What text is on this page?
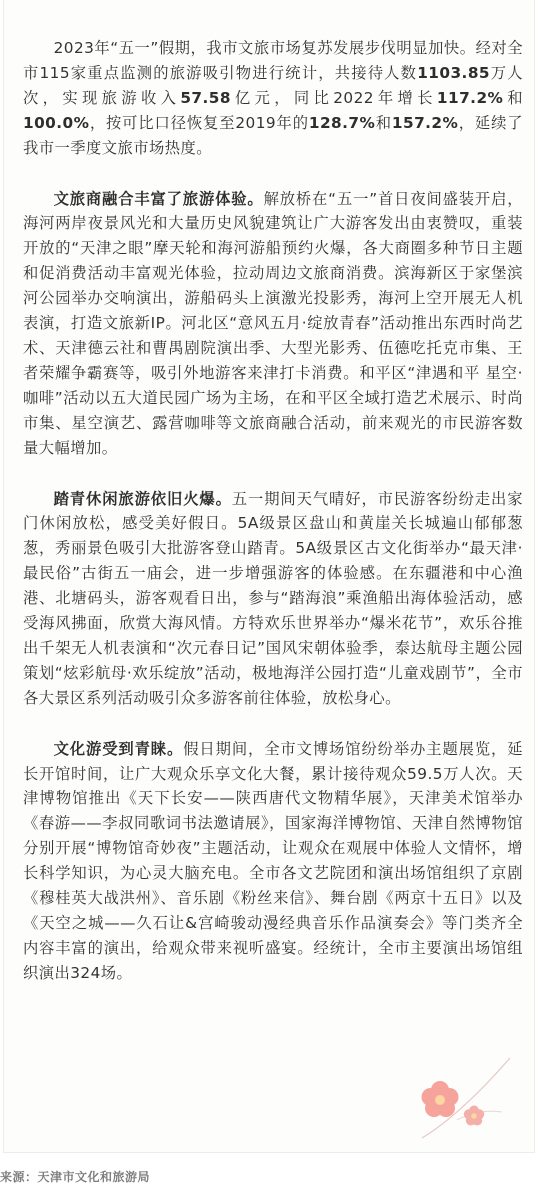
2023年“五一”假期，我市文旅市场复苏发展步伐明显加快。经对全市115家重点监测的旅游吸引物进行统计，共接待人数1103.85万人次，实现旅游收入57.58亿元，同比2022年增长117.2%和100.0%，按可比口径恢复至2019年的128.7%和157.2%，延续了我市一季度文旅市场热度。

文旅商融合丰富了旅游体验。解放桥在“五一”首日夜间盛装开启，海河两岸夜景风光和大量历史风貌建筑让广大游客发出由衷赞叹，重装开放的“天津之眼”摩天轮和海河游船预约火爆，各大商圈多种节日主题和促消费活动丰富观光体验，拉动周边文旅商消费。滨海新区于家堡滨河公园举办交响演出，游船码头上演激光投影秀，海河上空开展无人机表演，打造文旅新IP。河北区“意风五月·绽放青春”活动推出东西时尚艺术、天津德云社和曹禺剧院演出季、大型光影秀、伍德吃托克市集、王者荣耀争霸赛等，吸引外地游客来津打卡消费。和平区“津遇和平 星空·咖啡”活动以五大道民园广场为主场，在和平区全域打造艺术展示、时尚市集、星空演艺、露营咖啡等文旅商融合活动，前来观光的市民游客数量大幅增加。

踏青休闲旅游依旧火爆。五一期间天气晴好，市民游客纷纷走出家门休闲放松，感受美好假日。5A级景区盘山和黄崖关长城遍山郁郁葱葱，秀丽景色吸引大批游客登山踏青。5A级景区古文化街举办“最天津·最民俗”古街五一庙会，进一步增强游客的体验感。在东疆港和中心渔港、北塘码头，游客观看日出，参与“踏海浪”乘渔船出海体验活动，感受海风拂面，欣赏大海风情。方特欢乐世界举办“爆米花节”，欢乐谷推出千架无人机表演和“次元春日记”国风宋朝体验季，泰达航母主题公园策划“炫彩航母·欢乐绽放”活动，极地海洋公园打造“儿童戏剧节”，全市各大景区系列活动吸引众多游客前往体验，放松身心。

文化游受到青睐。假日期间，全市文博场馆纷纷举办主题展览，延长开馆时间，让广大观众乐享文化大餐，累计接待观众59.5万人次。天津博物馆推出《天下长安——陕西唐代文物精华展》，天津美术馆举办《春游——李叔同歌词书法邀请展》，国家海洋博物馆、天津自然博物馆分别开展“博物馆奇妙夜”主题活动，让观众在观展中体验人文情怀，增长科学知识，为心灵大脑充电。全市各文艺院团和演出场馆组织了京剧《穆桂英大战洪州》、音乐剧《粉丝来信》、舞台剧《两京十五日》以及《天空之城——久石让&宫崎骏动漫经典音乐作品演奏会》等门类齐全内容丰富的演出，给观众带来视听盛宴。经统计，全市主要演出场馆组织演出324场。

来源：天津市文化和旅游局
